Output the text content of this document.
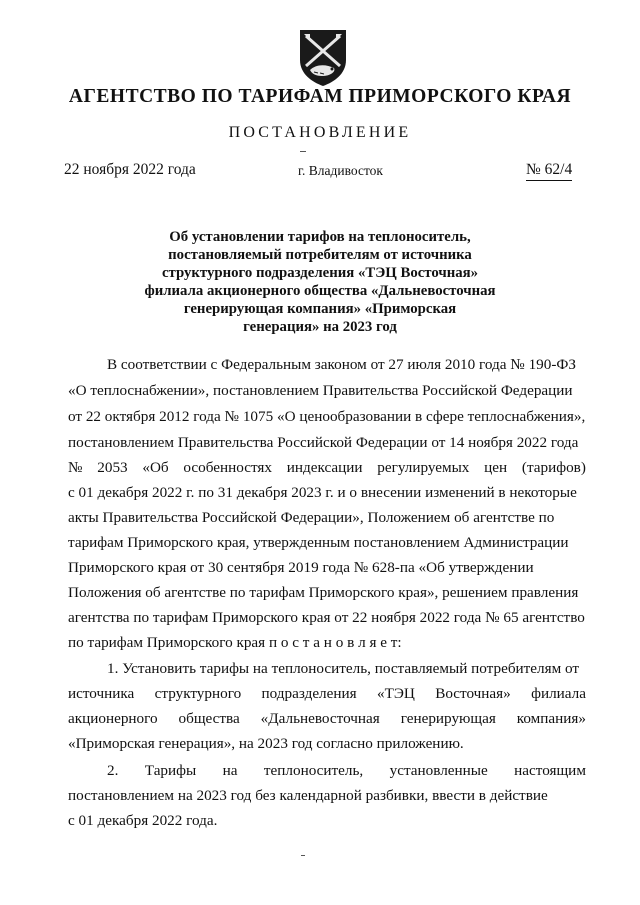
АГЕНТСТВО ПО ТАРИФАМ ПРИМОРСКОГО КРАЯ
ПОСТАНОВЛЕНИЕ
22 ноября 2022 года	г. Владивосток	№ 62/4
Об установлении тарифов на теплоноситель,
постановляемый потребителям от источника
структурного подразделения «ТЭЦ Восточная»
филиала акционерного общества «Дальневосточная
генерирующая компания» «Приморская
генерация» на 2023 год
В соответствии с Федеральным законом от 27 июля 2010 года № 190-ФЗ
«О теплоснабжении», постановлением Правительства Российской Федерации
от 22 октября 2012 года № 1075 «О ценообразовании в сфере теплоснабжения»,
постановлением Правительства Российской Федерации от 14 ноября 2022 года
№ 2053 «Об особенностях индексации регулируемых цен (тарифов)
с 01 декабря 2022 г. по 31 декабря 2023 г. и о внесении изменений в некоторые
акты Правительства Российской Федерации», Положением об агентстве по
тарифам Приморского края, утвержденным постановлением Администрации
Приморского края от 30 сентября 2019 года № 628-па «Об утверждении
Положения об агентстве по тарифам Приморского края», решением правления
агентства по тарифам Приморского края от 22 ноября 2022 года № 65 агентство
по тарифам Приморского края п о с т а н о в л я е т:
1. Установить тарифы на теплоноситель, поставляемый потребителям от
источника структурного подразделения «ТЭЦ Восточная» филиала
акционерного общества «Дальневосточная генерирующая компания»
«Приморская генерация», на 2023 год согласно приложению.
2. Тарифы на теплоноситель, установленные настоящим
постановлением на 2023 год без календарной разбивки, ввести в действие
с 01 декабря 2022 года.
